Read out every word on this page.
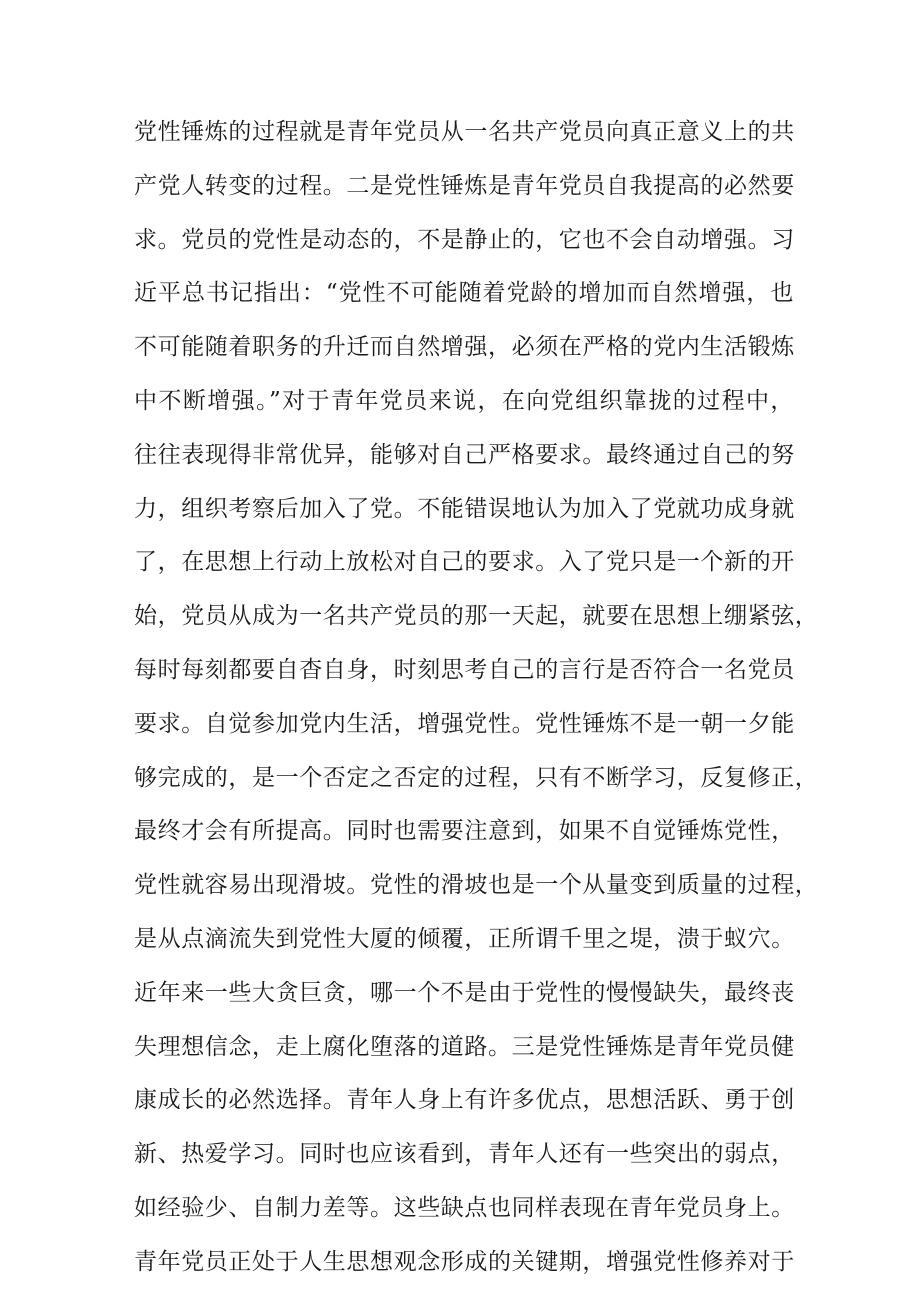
党性锤炼的过程就是青年党员从一名共产党员向真正意义上的共
产党人转变的过程。二是党性锤炼是青年党员自我提高的必然要
求。党员的党性是动态的，不是静止的，它也不会自动增强。习
近平总书记指出：“党性不可能随着党龄的增加而自然增强，也
不可能随着职务的升迁而自然增强，必须在严格的党内生活锻炼
中不断增强。”对于青年党员来说，在向党组织靠拢的过程中，
往往表现得非常优异，能够对自己严格要求。最终通过自己的努
力，组织考察后加入了党。不能错误地认为加入了党就功成身就
了，在思想上行动上放松对自己的要求。入了党只是一个新的开
始，党员从成为一名共产党员的那一天起，就要在思想上绷紧弦，
每时每刻都要自杳自身，时刻思考自己的言行是否符合一名党员
要求。自觉参加党内生活，增强党性。党性锤炼不是一朝一夕能
够完成的，是一个否定之否定的过程，只有不断学习，反复修正，
最终才会有所提高。同时也需要注意到，如果不自觉锤炼党性，
党性就容易出现滑坡。党性的滑坡也是一个从量变到质量的过程，
是从点滴流失到党性大厦的倾覆，正所谓千里之堤，溃于蚁穴。
近年来一些大贪巨贪，哪一个不是由于党性的慢慢缺失，最终丧
失理想信念，走上腐化堕落的道路。三是党性锤炼是青年党员健
康成长的必然选择。青年人身上有许多优点，思想活跃、勇于创
新、热爱学习。同时也应该看到，青年人还有一些突出的弱点，
如经验少、自制力差等。这些缺点也同样表现在青年党员身上。
青年党员正处于人生思想观念形成的关键期，增强党性修养对于
